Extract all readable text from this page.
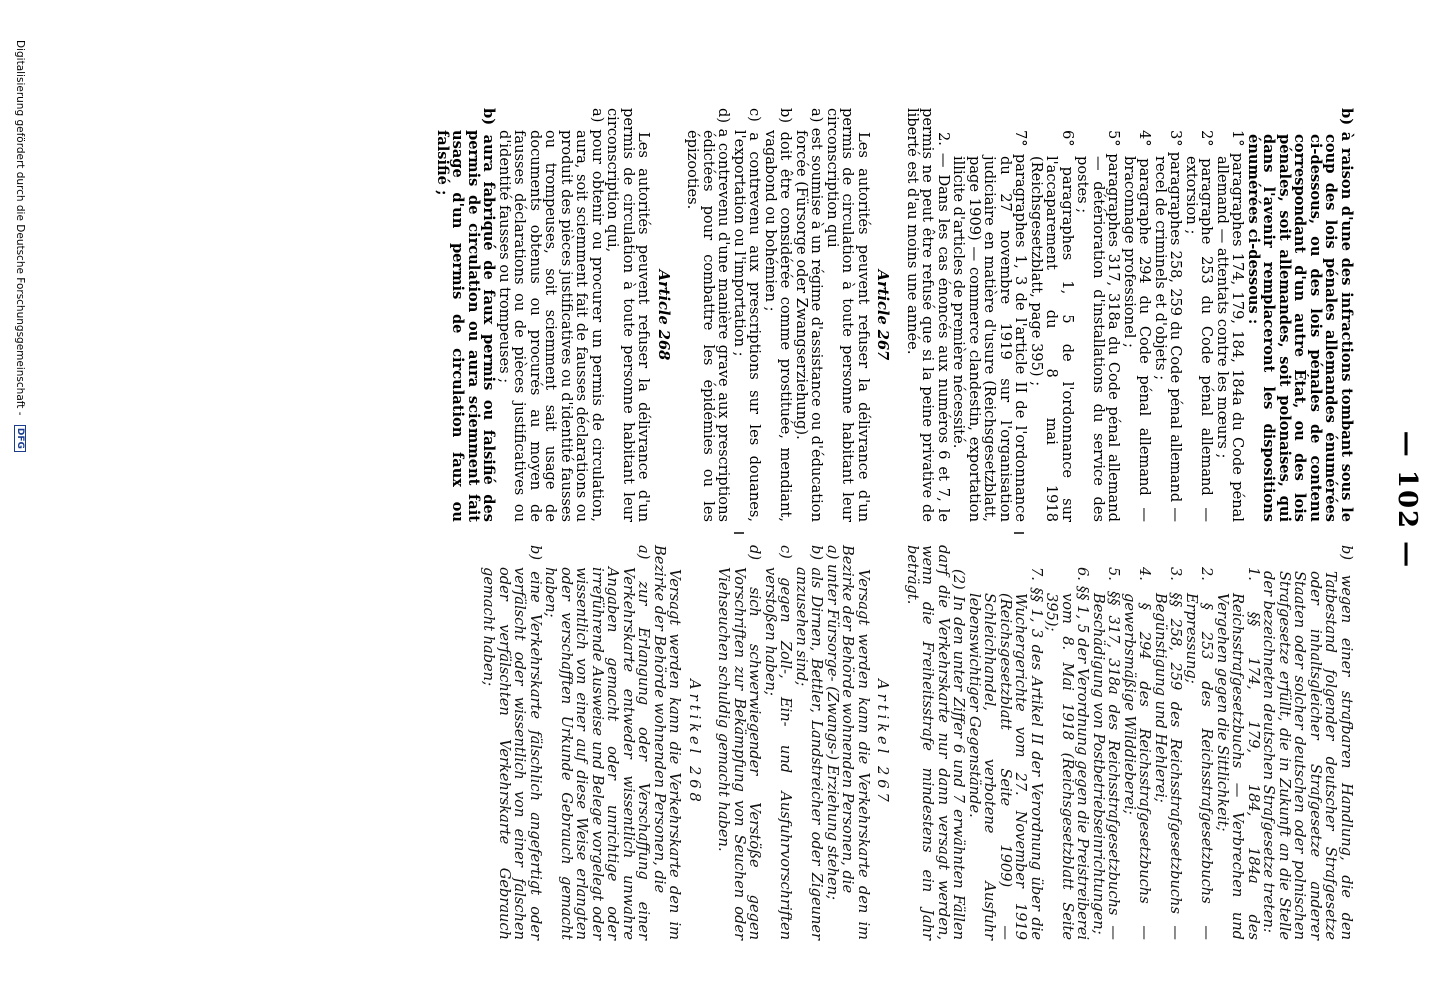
— 102 —

b) à raison d'une des infractions tombant sous le coup des lois pénales allemandes énumérées ci-dessous, ou des lois pénales de contenu correspondant d'un autre État, ou des lois pénales, soit allemandes, soit polonaises, qui dans l'avenir remplaceront les dispositions énumérées ci-dessous :

1° paragraphes 174, 179, 184, 184a du Code pénal allemand — attentats contre les mœurs ;

2° paragraphe 253 du Code pénal allemand — extorsion ;

3° paragraphes 258, 259 du Code pénal allemand — recel de criminels et d'objets ;

4° paragraphe 294 du Code pénal allemand — braconnage professionel ;

5° paragraphes 317, 318a du Code pénal allemand — détérioration d'installations du service des postes ;

6° paragraphes 1, 5 de l'ordonnance sur l'accaparement du 8 mai 1918 (Reichsgesetzblatt, page 395) ;

7° paragraphes 1, 3 de l'article II de l'ordonnance du 27 novembre 1919 sur l'organisation judiciaire en matière d'usure (Reichsgesetzblatt, page 1909) — commerce clandestin, exportation illicite d'articles de première nécessité.

2. — Dans les cas énoncés aux numéros 6 et 7, le permis ne peut être refusé que si la peine privative de liberté est d'au moins une année.

Article 267

Les autorités peuvent refuser la délivrance d'un permis de circulation à toute personne habitant leur circonscription qui

a) est soumise à un régime d'assistance ou d'éducation forcée (Fürsorge oder Zwangserziehung).

b) doit être considérée comme prostituée, mendiant, vagabond ou bohémien ;

c) a contrevenu aux prescriptions sur les douanes, l'exportation ou l'importation ;

d) a contrevenu d'une manière grave aux prescriptions édictées pour combattre les épidémies ou les épizooties.

Article 268

Les autorités peuvent refuser la délivrance d'un permis de circulation à toute personne habitant leur circonscription qui,

a) pour obtenir ou procurer un permis de circulation, aura, soit sciemment fait de fausses déclarations ou produit des pièces justificatives ou d'identité fausses ou trompeuses, soit sciemment sait usage de documents obtenus ou procurés au moyen de fausses déclarations ou de pièces justificatives ou d'identité fausses ou trompeuses ;

b) aura fabriqué de faux permis ou falsifié des permis de circulation ou aura sciemment fait usage d'un permis de circulation faux ou falsifié ;

b) wegen einer strafbaren Handlung, die den Tatbestand folgender deutscher Strafgesetze oder inhaltsgleicher Strafgesetze anderer Staaten oder solcher deutschen oder polnischen Strafgesetze erfüllt, die in Zukunft an die Stelle der bezeichneten deutschen Strafgesetze treten:

1. §§ 174, 179, 184, 184a des Reichsstrafgesetzbuchs — Verbrechen und Vergehen gegen die Sittlichkeit;

2. § 253 des Reichsstrafgesetzbuchs — Erpressung;

3. §§ 258, 259 des Reichsstrafgesetzbuchs — Begünstigung und Hehlerei;

4. § 294 des Reichsstrafgesetzbuchs — gewerbsmäßige Wilddieberei;

5. §§ 317, 318a des Reichsstrafgesetzbuchs — Beschädigung von Postbetriebseinrichtungen;

6. §§ 1, 5 der Verordnung gegen die Preistreiberei vom 8. Mai 1918 (Reichsgesetzblatt Seite 395);

7. §§ 1, 3 des Artikel II der Verordnung über die Wuchergerichte vom 27. November 1919 (Reichsgesetzblatt Seite 1909) — Schleichhandel, verbotene Ausfuhr lebenswichtiger Gegenstände.

(2) In den unter Ziffer 6 und 7 erwähnten Fällen darf die Verkehrskarte nur dann versagt werden, wenn die Freiheitsstrafe mindestens ein Jahr beträgt.

Artikel 267

Versagt werden kann die Verkehrskarte den im Bezirke der Behörde wohnenden Personen, die

a) unter Fürsorge- (Zwangs-) Erziehung stehen;

b) als Dirnen, Bettler, Landstreicher oder Zigeuner anzusehen sind;

c) gegen Zoll-, Ein- und Ausfuhrvorschriften verstoßen haben;

d) sich schwerwiegender Verstöße gegen Vorschriften zur Bekämpfung von Seuchen oder Viehseuchen schuldig gemacht haben.

Artikel 268

Versagt werden kann die Verkehrskarte den im Bezirke der Behörde wohnenden Personen, die

a) zur Erlangung oder Verschaffung einer Verkehrskarte entweder wissentlich unwahre Angaben gemacht oder unrichtige oder irreführende Ausweise und Belege vorgelegt oder wissentlich von einer auf diese Weise erlangten oder verschafften Urkunde Gebrauch gemacht haben;

b) eine Verkehrskarte fälschlich angefertigt oder verfälscht oder wissentlich von einer falschen oder verfälschten Verkehrskarte Gebrauch gemacht haben;

Digitalisierung gefördert durch die Deutsche Forschungsgemeinschaft - DFG
